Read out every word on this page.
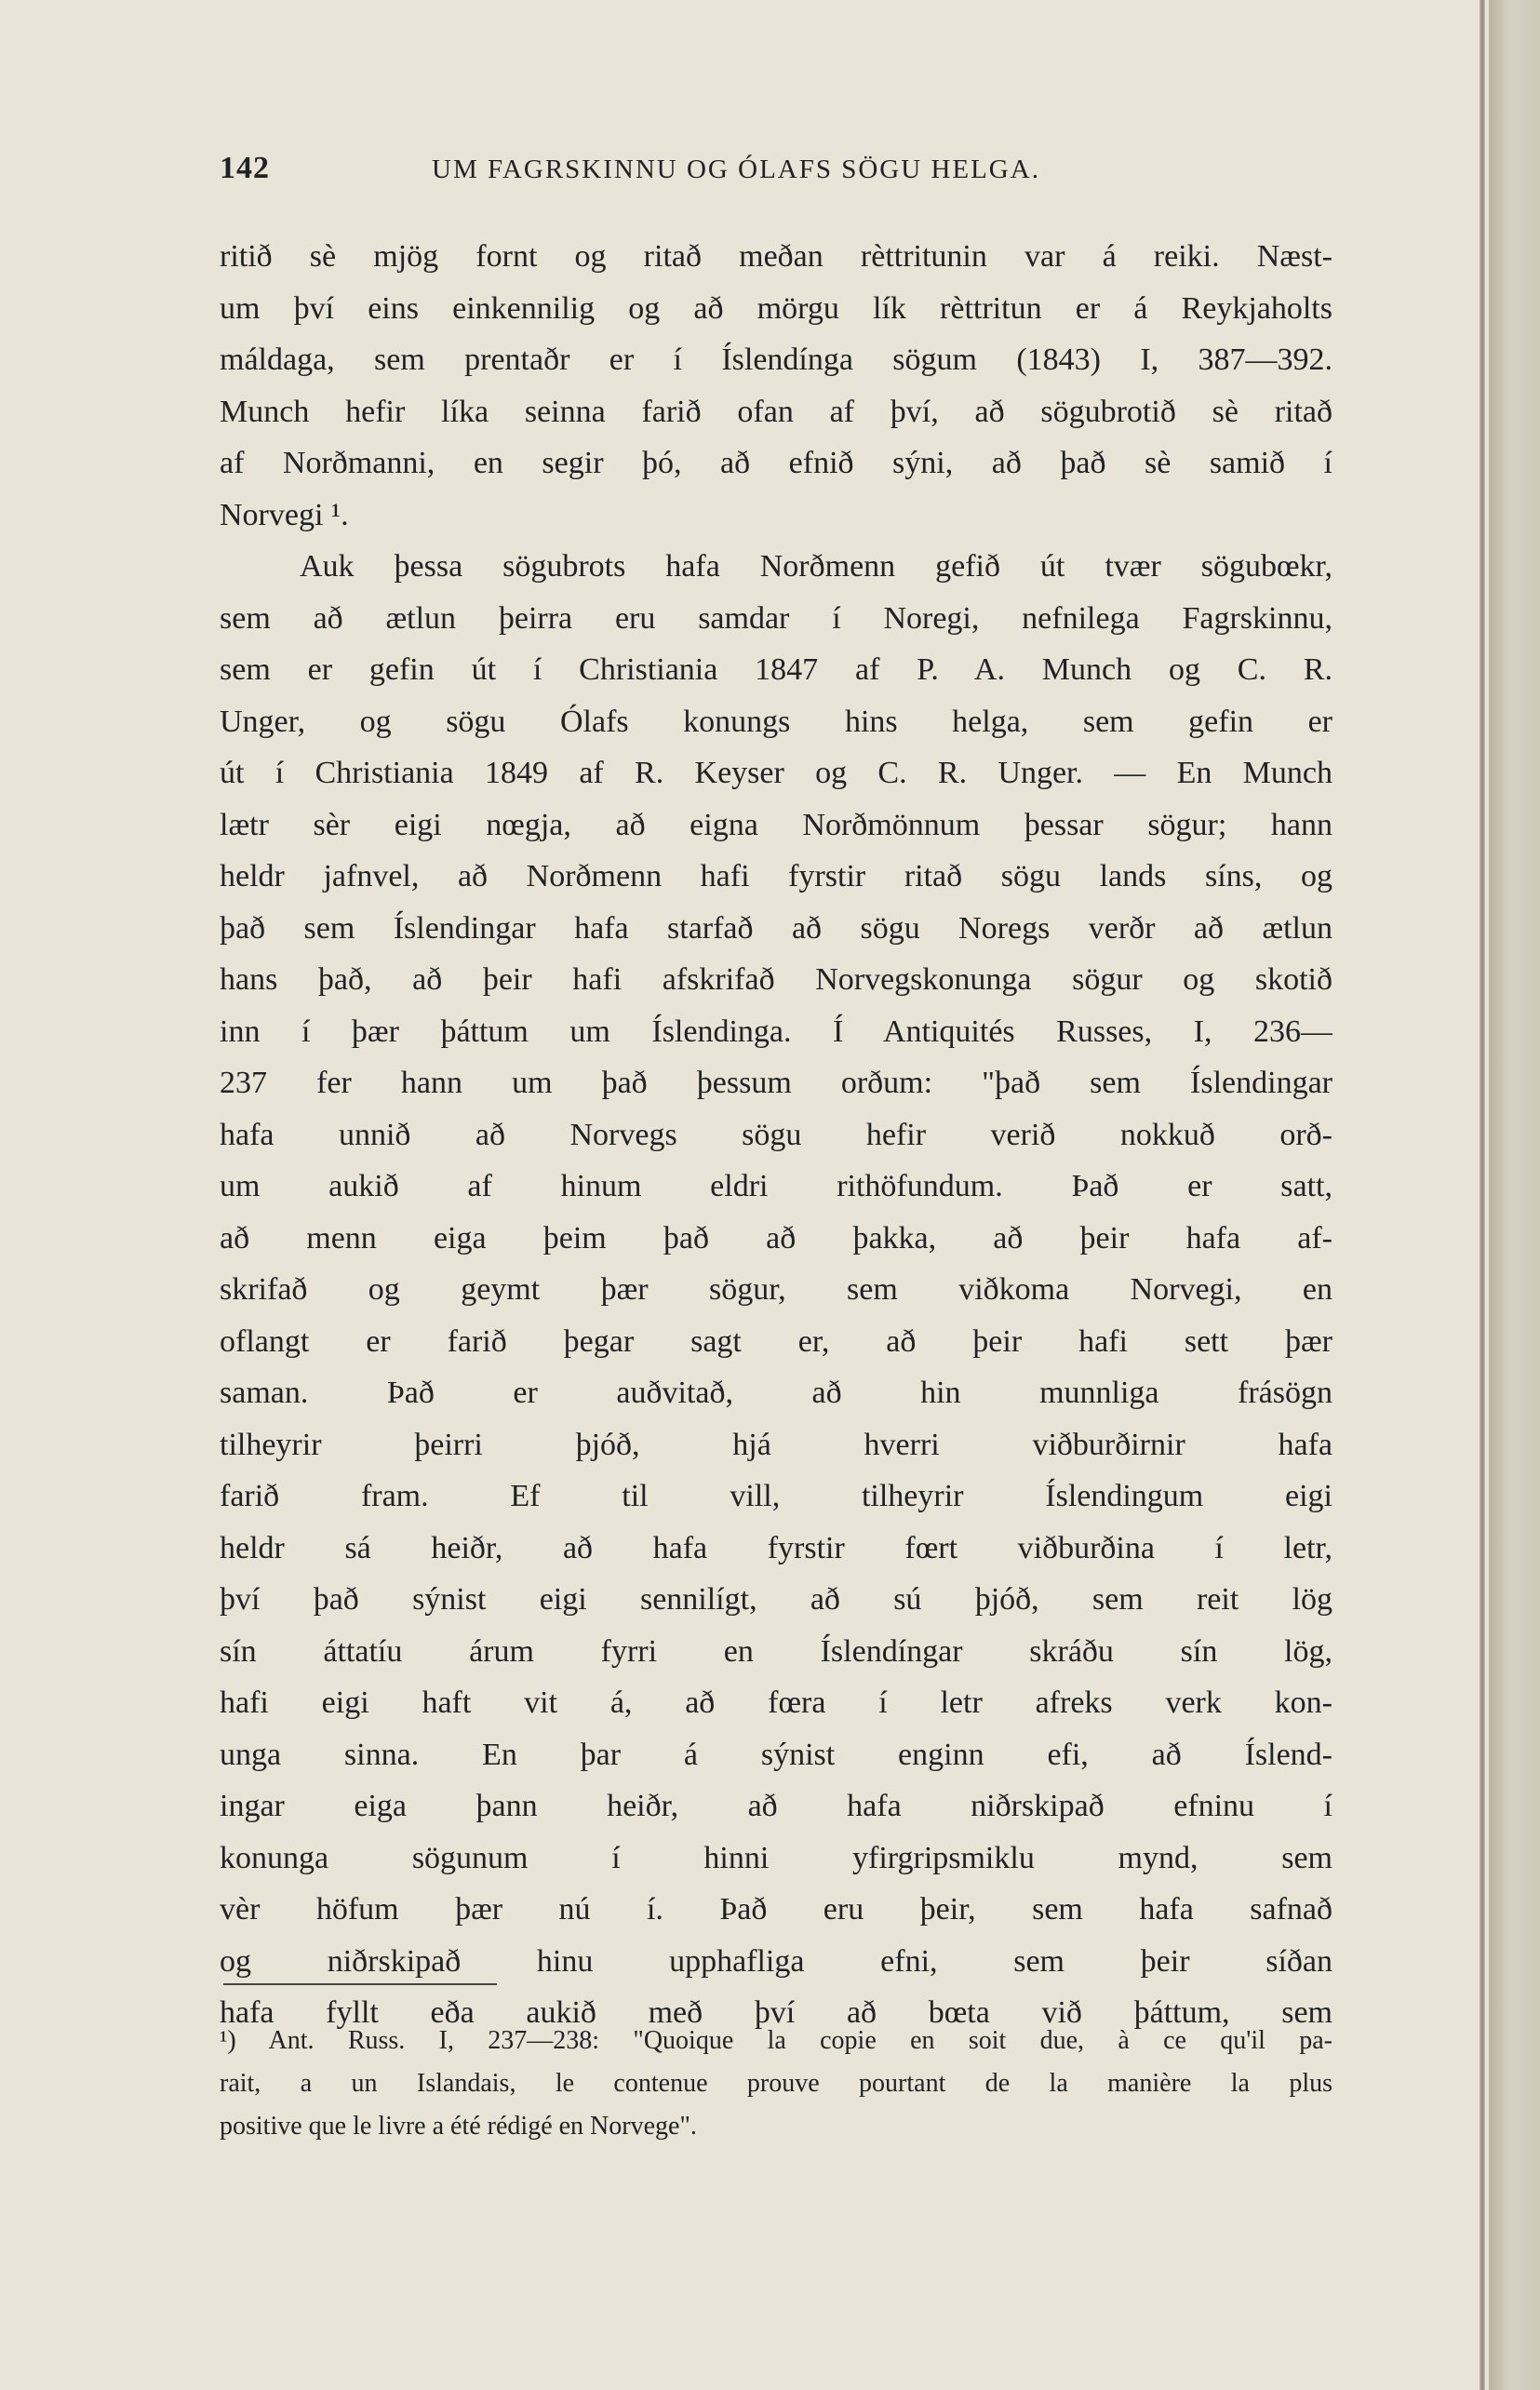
142	UM FAGRSKINNU OG ÓLAFS SÖGU HELGA.
ritið sè mjög fornt og ritað meðan rèttritunin var á reiki. Næst-
um því eins einkennilig og að mörgu lík rèttritun er á Reykjaholts
máldaga, sem prentaðr er í Íslendínga sögum (1843) I, 387—392.
Munch hefir líka seinna farið ofan af því, að sögubrotið sè ritað
af Norðmanni, en segir þó, að efnið sýni, að það sè samið í
Norvegi ¹.
Auk þessa sögubrots hafa Norðmenn gefið út tvær sögubœkr,
sem að ætlun þeirra eru samdar í Noregi, nefnilega Fagrskinnu,
sem er gefin út í Christiania 1847 af P. A. Munch og C. R.
Unger, og sögu Ólafs konungs hins helga, sem gefin er
út í Christiania 1849 af R. Keyser og C. R. Unger. — En Munch
lætr sèr eigi nœgja, að eigna Norðmönnum þessar sögur; hann
heldr jafnvel, að Norðmenn hafi fyrstir ritað sögu lands síns, og
það sem Íslendingar hafa starfað að sögu Noregs verðr að ætlun
hans það, að þeir hafi afskrifað Norvegskonunga sögur og skotið
inn í þær þáttum um Íslendinga. Í Antiquités Russes, I, 236—
237 fer hann um það þessum orðum: "það sem Íslendingar
hafa unnið að Norvegs sögu hefir verið nokkuð orð-
um aukið af hinum eldri rithöfundum. Það er satt,
að menn eiga þeim það að þakka, að þeir hafa af-
skrifað og geymt þær sögur, sem viðkoma Norvegi, en
oflangt er farið þegar sagt er, að þeir hafi sett þær
saman. Það er auðvitað, að hin munnliga frásögn
tilheyrir þeirri þjóð, hjá hverri viðburðirnir hafa
farið fram. Ef til vill, tilheyrir Íslendingum eigi
heldr sá heiðr, að hafa fyrstir fœrt viðburðina í letr,
því það sýnist eigi sennilígt, að sú þjóð, sem reit lög
sín áttatíu árum fyrri en Íslendíngar skráðu sín lög,
hafi eigi haft vit á, að fœra í letr afreks verk kon-
unga sinna. En þar á sýnist enginn efi, að Íslend-
ingar eiga þann heiðr, að hafa niðrskipað efninu í
konunga sögunum í hinni yfirgripsmiklu mynd, sem
vèr höfum þær nú í. Það eru þeir, sem hafa safnað
og niðrskipað hinu upphafliga efni, sem þeir síðan
hafa fyllt eða aukið með því að bœta við þáttum, sem
¹) Ant. Russ. I, 237—238: "Quoique la copie en soit due, à ce qu'il pa-
rait, a un Islandais, le contenue prouve pourtant de la manière la plus
positive que le livre a été rédigé en Norvege".
